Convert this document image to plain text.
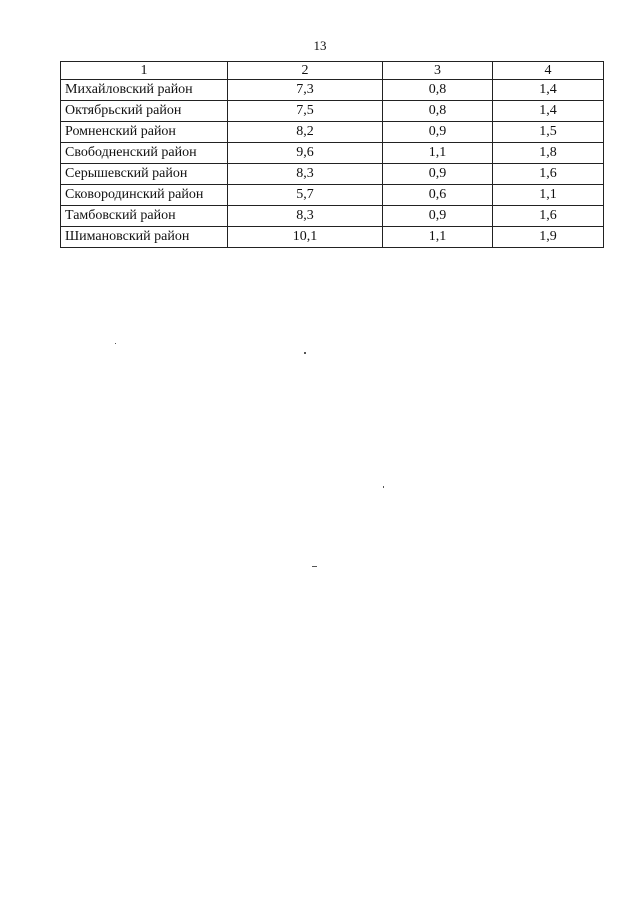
13
1	2	3	4
Михайловский район	7,3	0,8	1,4
Октябрьский район	7,5	0,8	1,4
Ромненский район	8,2	0,9	1,5
Свободненский район	9,6	1,1	1,8
Серышевский район	8,3	0,9	1,6
Сковородинский район	5,7	0,6	1,1
Тамбовский район	8,3	0,9	1,6
Шимановский район	10,1	1,1	1,9
